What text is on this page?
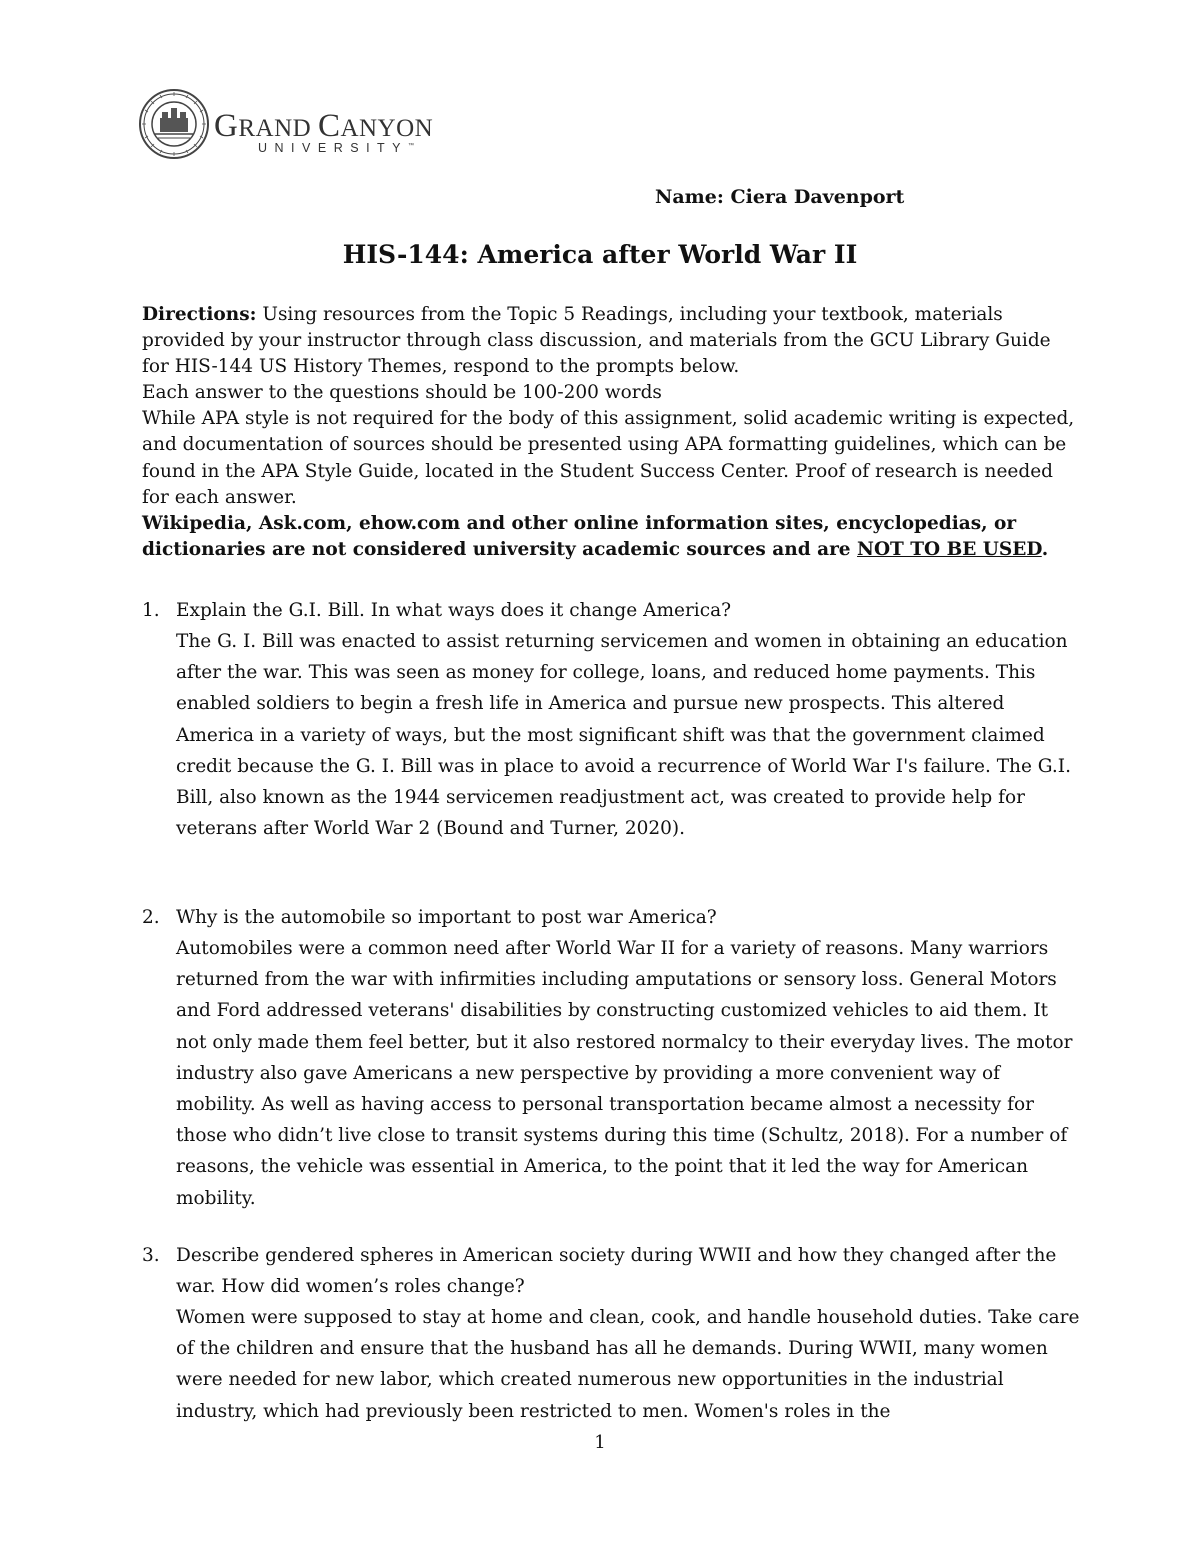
GRAND CANYON
UNIVERSITY™
Name: Ciera Davenport
HIS-144: America after World War II

Directions: Using resources from the Topic 5 Readings, including your textbook, materials provided by your instructor through class discussion, and materials from the GCU Library Guide for HIS-144 US History Themes, respond to the prompts below.

Each answer to the questions should be 100-200 words

While APA style is not required for the body of this assignment, solid academic writing is expected, and documentation of sources should be presented using APA formatting guidelines, which can be found in the APA Style Guide, located in the Student Success Center. Proof of research is needed for each answer.

Wikipedia, Ask.com, ehow.com and other online information sites, encyclopedias, or dictionaries are not considered university academic sources and are NOT TO BE USED.

1. Explain the G.I. Bill. In what ways does it change America?
The G. I. Bill was enacted to assist returning servicemen and women in obtaining an education after the war. This was seen as money for college, loans, and reduced home payments. This enabled soldiers to begin a fresh life in America and pursue new prospects. This altered America in a variety of ways, but the most significant shift was that the government claimed credit because the G. I. Bill was in place to avoid a recurrence of World War I's failure. The G.I. Bill, also known as the 1944 servicemen readjustment act, was created to provide help for veterans after World War 2 (Bound and Turner, 2020).
2. Why is the automobile so important to post war America?
Automobiles were a common need after World War II for a variety of reasons. Many warriors returned from the war with infirmities including amputations or sensory loss. General Motors and Ford addressed veterans' disabilities by constructing customized vehicles to aid them. It not only made them feel better, but it also restored normalcy to their everyday lives. The motor industry also gave Americans a new perspective by providing a more convenient way of mobility. As well as having access to personal transportation became almost a necessity for those who didn’t live close to transit systems during this time (Schultz, 2018). For a number of reasons, the vehicle was essential in America, to the point that it led the way for American mobility.
3. Describe gendered spheres in American society during WWII and how they changed after the war. How did women’s roles change?
Women were supposed to stay at home and clean, cook, and handle household duties. Take care of the children and ensure that the husband has all he demands. During WWII, many women were needed for new labor, which created numerous new opportunities in the industrial industry, which had previously been restricted to men. Women's roles in the
1
